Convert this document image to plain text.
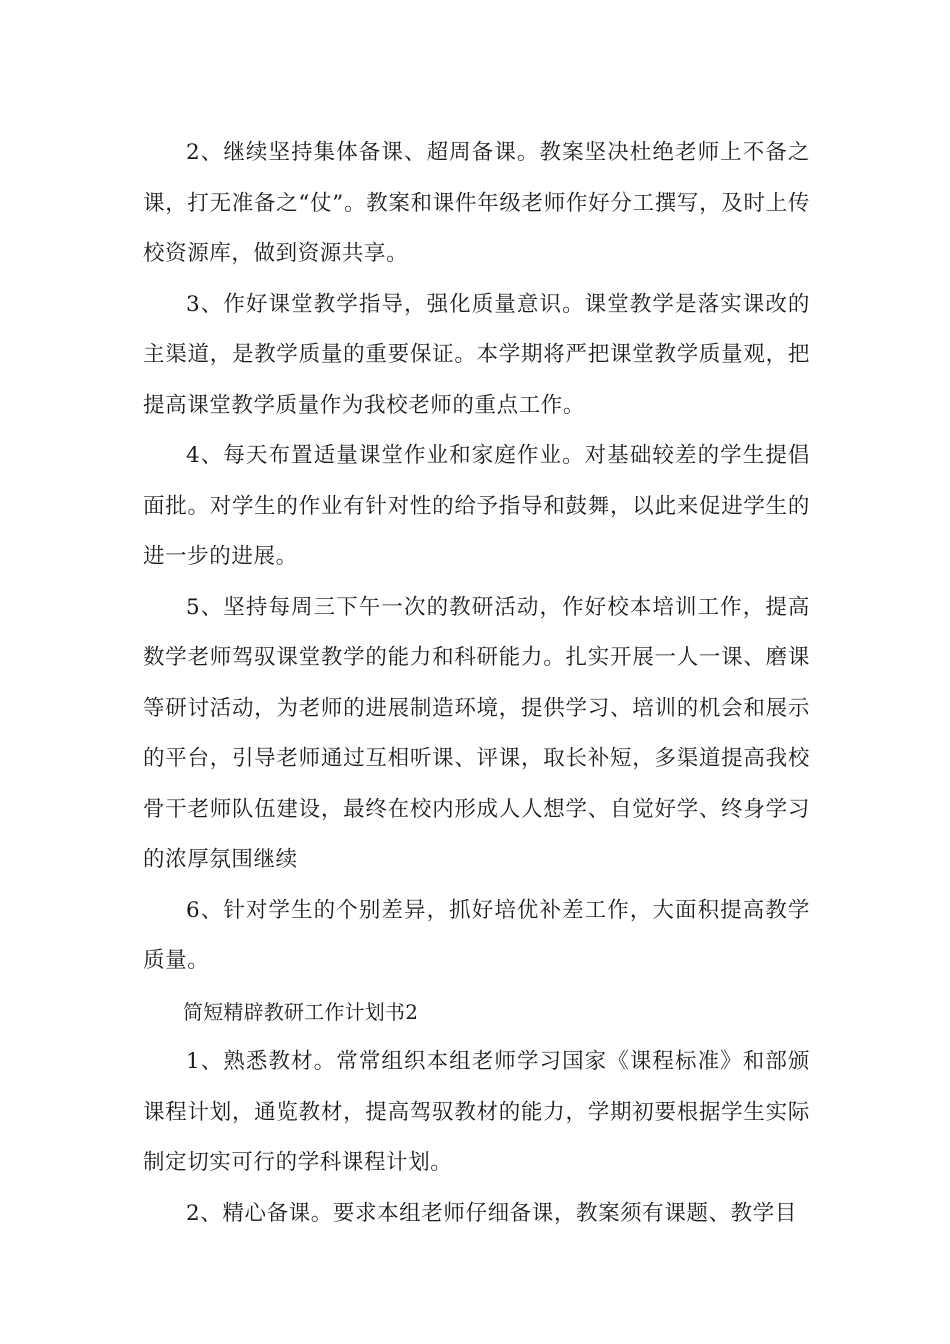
2、继续坚持集体备课、超周备课。教案坚决杜绝老师上不备之课，打无准备之“仗”。教案和课件年级老师作好分工撰写，及时上传校资源库，做到资源共享。

3、作好课堂教学指导，强化质量意识。课堂教学是落实课改的主渠道，是教学质量的重要保证。本学期将严把课堂教学质量观，把提高课堂教学质量作为我校老师的重点工作。

4、每天布置适量课堂作业和家庭作业。对基础较差的学生提倡面批。对学生的作业有针对性的给予指导和鼓舞，以此来促进学生的进一步的进展。

5、坚持每周三下午一次的教研活动，作好校本培训工作，提高数学老师驾驭课堂教学的能力和科研能力。扎实开展一人一课、磨课等研讨活动，为老师的进展制造环境，提供学习、培训的机会和展示的平台，引导老师通过互相听课、评课，取长补短，多渠道提高我校骨干老师队伍建设，最终在校内形成人人想学、自觉好学、终身学习的浓厚氛围继续

6、针对学生的个别差异，抓好培优补差工作，大面积提高教学质量。

简短精辟教研工作计划书2

1、熟悉教材。常常组织本组老师学习国家《课程标准》和部颁课程计划，通览教材，提高驾驭教材的能力，学期初要根据学生实际制定切实可行的学科课程计划。

2、精心备课。要求本组老师仔细备课，教案须有课题、教学目
